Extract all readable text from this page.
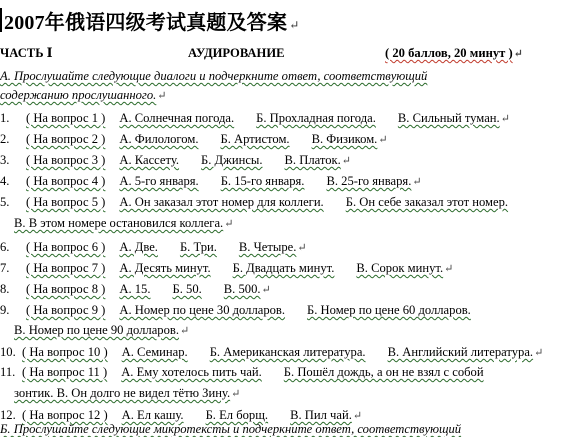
2007年俄语四级考试真题及答案 ↵
ЧАСТЬ Ⅰ	АУДИРОВАНИЕ	( 20 баллов, 20 минут )↵
А. Прослушайте следующие диалоги и подчеркните ответ, соответствующий
содержанию прослушанного.↵
1. ( На вопрос 1 ) А. Солнечная погода. Б. Прохладная погода. В. Сильный туман.↵
2. ( На вопрос 2 ) А. Филологом. Б. Артистом. В. Физиком.↵
3. ( На вопрос 3 ) А. Кассету. Б. Джинсы. В. Платок.↵
4. ( На вопрос 4 ) А. 5-го января. Б. 15-го января. В. 25-го января.↵
5. ( На вопрос 5 ) А. Он заказал этот номер для коллеги. Б. Он себе заказал этот номер.
В. В этом номере остановился коллега.↵
6. ( На вопрос 6 ) А. Две. Б. Три. В. Четыре.↵
7. ( На вопрос 7 ) А. Десять минут. Б. Двадцать минут. В. Сорок минут.↵
8. ( На вопрос 8 ) А. 15. Б. 50. В. 500.↵
9. ( На вопрос 9 ) А. Номер по цене 30 долларов. Б. Номер по цене 60 долларов.
В. Номер по цене 90 долларов.↵
10. ( На вопрос 10 ) А. Семинар. Б. Американская литература. В. Английский литература.↵
11. ( На вопрос 11 ) А. Ему хотелось пить чай. Б. Пошёл дождь, а он не взял с собой
зонтик. В. Он долго не видел тётю Зину.↵
12. ( На вопрос 12 ) А. Ел кашу. Б. Ел борщ. В. Пил чай.↵
Б. Прослушайте следующие микротексты и подчеркните ответ, соответствующий
